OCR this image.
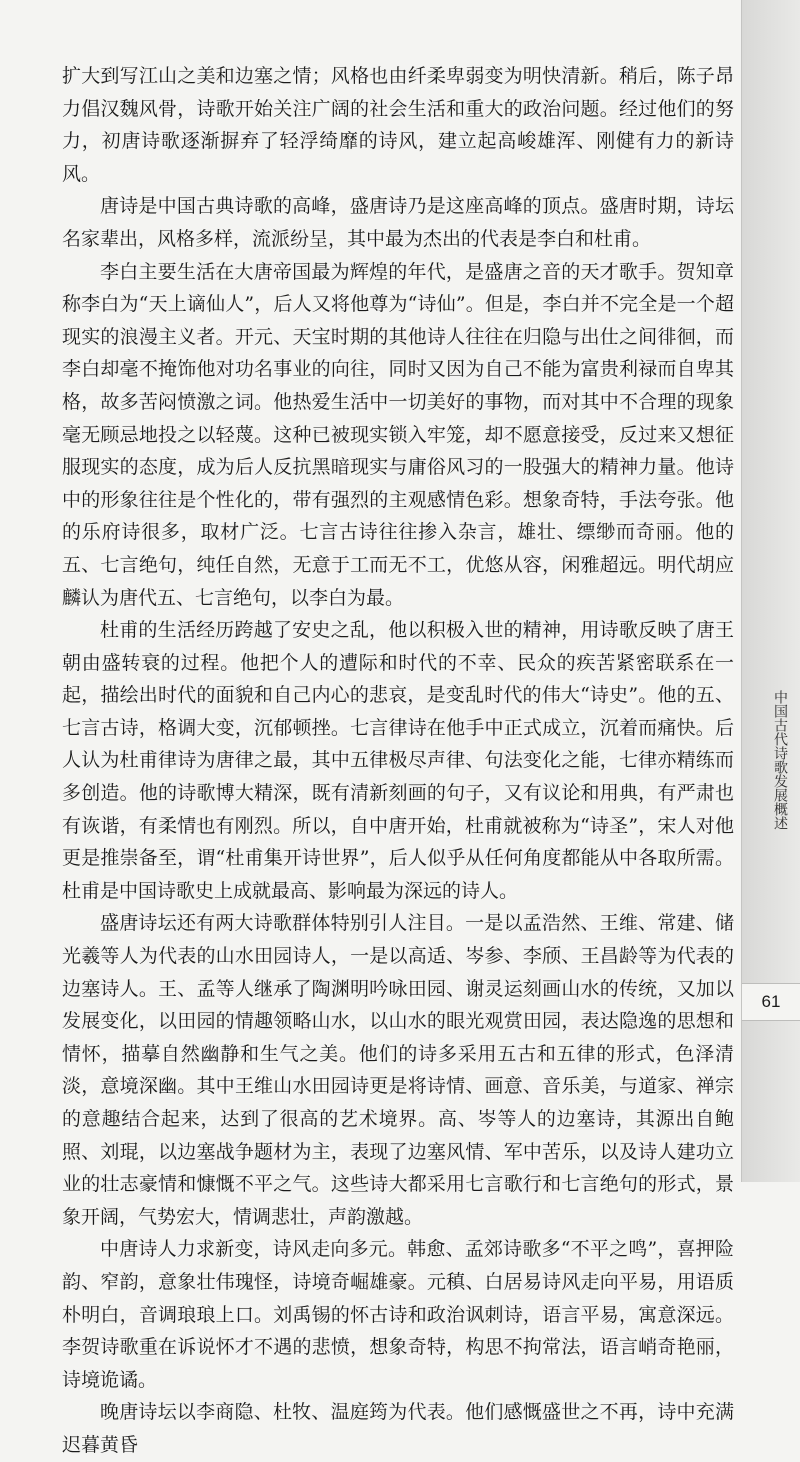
扩大到写江山之美和边塞之情；风格也由纤柔卑弱变为明快清新。稍后，陈子昂力倡汉魏风骨，诗歌开始关注广阔的社会生活和重大的政治问题。经过他们的努力，初唐诗歌逐渐摒弃了轻浮绮靡的诗风，建立起高峻雄浑、刚健有力的新诗风。

唐诗是中国古典诗歌的高峰，盛唐诗乃是这座高峰的顶点。盛唐时期，诗坛名家辈出，风格多样，流派纷呈，其中最为杰出的代表是李白和杜甫。

李白主要生活在大唐帝国最为辉煌的年代，是盛唐之音的天才歌手。贺知章称李白为“天上谪仙人”，后人又将他尊为“诗仙”。但是，李白并不完全是一个超现实的浪漫主义者。开元、天宝时期的其他诗人往往在归隐与出仕之间徘徊，而李白却毫不掩饰他对功名事业的向往，同时又因为自己不能为富贵利禄而自卑其格，故多苦闷愤激之词。他热爱生活中一切美好的事物，而对其中不合理的现象毫无顾忌地投之以轻蔑。这种已被现实锁入牢笼，却不愿意接受，反过来又想征服现实的态度，成为后人反抗黑暗现实与庸俗风习的一股强大的精神力量。他诗中的形象往往是个性化的，带有强烈的主观感情色彩。想象奇特，手法夸张。他的乐府诗很多，取材广泛。七言古诗往往掺入杂言，雄壮、缥缈而奇丽。他的五、七言绝句，纯任自然，无意于工而无不工，优悠从容，闲雅超远。明代胡应麟认为唐代五、七言绝句，以李白为最。

杜甫的生活经历跨越了安史之乱，他以积极入世的精神，用诗歌反映了唐王朝由盛转衰的过程。他把个人的遭际和时代的不幸、民众的疾苦紧密联系在一起，描绘出时代的面貌和自己内心的悲哀，是变乱时代的伟大“诗史”。他的五、七言古诗，格调大变，沉郁顿挫。七言律诗在他手中正式成立，沉着而痛快。后人认为杜甫律诗为唐律之最，其中五律极尽声律、句法变化之能，七律亦精练而多创造。他的诗歌博大精深，既有清新刻画的句子，又有议论和用典，有严肃也有诙谐，有柔情也有刚烈。所以，自中唐开始，杜甫就被称为“诗圣”，宋人对他更是推崇备至，谓“杜甫集开诗世界”，后人似乎从任何角度都能从中各取所需。杜甫是中国诗歌史上成就最高、影响最为深远的诗人。

盛唐诗坛还有两大诗歌群体特别引人注目。一是以孟浩然、王维、常建、储光羲等人为代表的山水田园诗人，一是以高适、岑参、李颀、王昌龄等为代表的边塞诗人。王、孟等人继承了陶渊明吟咏田园、谢灵运刻画山水的传统，又加以发展变化，以田园的情趣领略山水，以山水的眼光观赏田园，表达隐逸的思想和情怀，描摹自然幽静和生气之美。他们的诗多采用五古和五律的形式，色泽清淡，意境深幽。其中王维山水田园诗更是将诗情、画意、音乐美，与道家、禅宗的意趣结合起来，达到了很高的艺术境界。高、岑等人的边塞诗，其源出自鲍照、刘琨，以边塞战争题材为主，表现了边塞风情、军中苦乐，以及诗人建功立业的壮志豪情和慷慨不平之气。这些诗大都采用七言歌行和七言绝句的形式，景象开阔，气势宏大，情调悲壮，声韵激越。

中唐诗人力求新变，诗风走向多元。韩愈、孟郊诗歌多“不平之鸣”，喜押险韵、窄韵，意象壮伟瑰怪，诗境奇崛雄豪。元稹、白居易诗风走向平易，用语质朴明白，音调琅琅上口。刘禹锡的怀古诗和政治讽刺诗，语言平易，寓意深远。李贺诗歌重在诉说怀才不遇的悲愤，想象奇特，构思不拘常法，语言峭奇艳丽，诗境诡谲。

晚唐诗坛以李商隐、杜牧、温庭筠为代表。他们感慨盛世之不再，诗中充满迟暮黄昏

中国古代诗歌发展概述
61
